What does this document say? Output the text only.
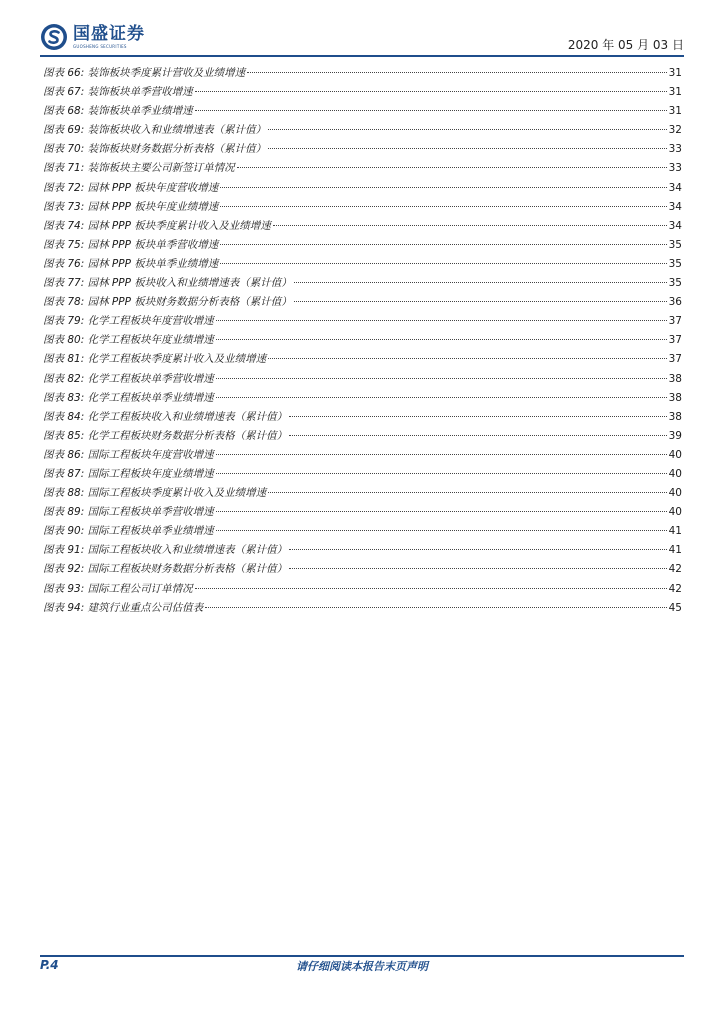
国盛证券
GUOSHENG SECURITIES	2020 年 05 月 03 日
图表 66: 装饰板块季度累计营收及业绩增速	31
图表 67: 装饰板块单季营收增速	31
图表 68: 装饰板块单季业绩增速	31
图表 69: 装饰板块收入和业绩增速表（累计值）	32
图表 70: 装饰板块财务数据分析表格（累计值）	33
图表 71: 装饰板块主要公司新签订单情况	33
图表 72: 园林 PPP 板块年度营收增速	34
图表 73: 园林 PPP 板块年度业绩增速	34
图表 74: 园林 PPP 板块季度累计收入及业绩增速	34
图表 75: 园林 PPP 板块单季营收增速	35
图表 76: 园林 PPP 板块单季业绩增速	35
图表 77: 园林 PPP 板块收入和业绩增速表（累计值）	35
图表 78: 园林 PPP 板块财务数据分析表格（累计值）	36
图表 79: 化学工程板块年度营收增速	37
图表 80: 化学工程板块年度业绩增速	37
图表 81: 化学工程板块季度累计收入及业绩增速	37
图表 82: 化学工程板块单季营收增速	38
图表 83: 化学工程板块单季业绩增速	38
图表 84: 化学工程板块收入和业绩增速表（累计值）	38
图表 85: 化学工程板块财务数据分析表格（累计值）	39
图表 86: 国际工程板块年度营收增速	40
图表 87: 国际工程板块年度业绩增速	40
图表 88: 国际工程板块季度累计收入及业绩增速	40
图表 89: 国际工程板块单季营收增速	40
图表 90: 国际工程板块单季业绩增速	41
图表 91: 国际工程板块收入和业绩增速表（累计值）	41
图表 92: 国际工程板块财务数据分析表格（累计值）	42
图表 93: 国际工程公司订单情况	42
图表 94: 建筑行业重点公司估值表	45
P.4	请仔细阅读本报告末页声明
